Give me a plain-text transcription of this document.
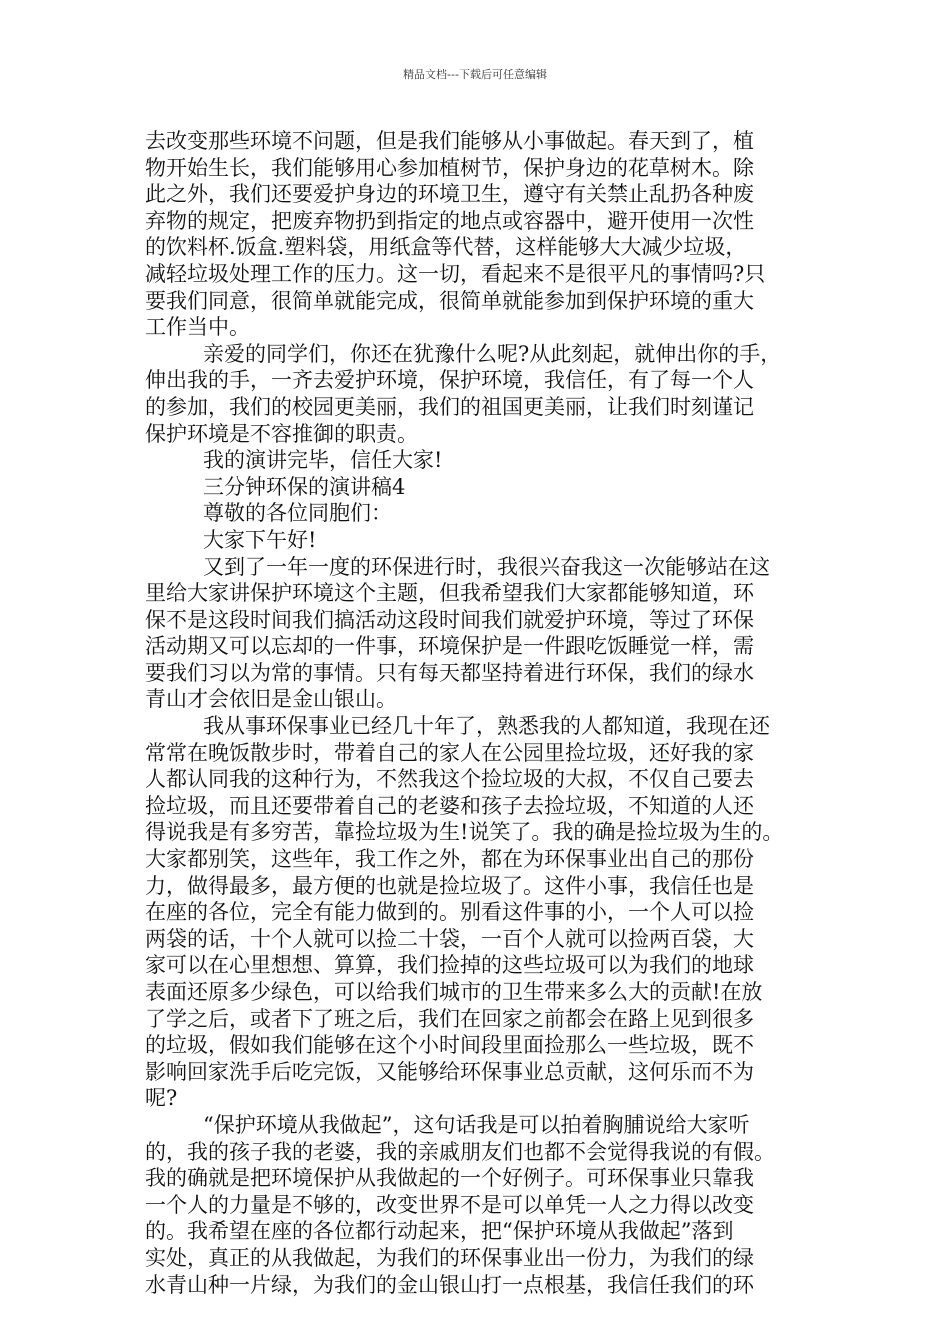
精品文档---下载后可任意编辑
去改变那些环境不问题，但是我们能够从小事做起。春天到了，植
物开始生长，我们能够用心参加植树节，保护身边的花草树木。除
此之外，我们还要爱护身边的环境卫生，遵守有关禁止乱扔各种废
弃物的规定，把废弃物扔到指定的地点或容器中，避开使用一次性
的饮料杯.饭盒.塑料袋，用纸盒等代替，这样能够大大减少垃圾，
减轻垃圾处理工作的压力。这一切，看起来不是很平凡的事情吗?只
要我们同意，很简单就能完成，很简单就能参加到保护环境的重大
工作当中。
亲爱的同学们，你还在犹豫什么呢?从此刻起，就伸出你的手，
伸出我的手，一齐去爱护环境，保护环境，我信任，有了每一个人
的参加，我们的校园更美丽，我们的祖国更美丽，让我们时刻谨记
保护环境是不容推御的职责。
我的演讲完毕，信任大家!
三分钟环保的演讲稿4
尊敬的各位同胞们：
大家下午好!
又到了一年一度的环保进行时，我很兴奋我这一次能够站在这
里给大家讲保护环境这个主题，但我希望我们大家都能够知道，环
保不是这段时间我们搞活动这段时间我们就爱护环境，等过了环保
活动期又可以忘却的一件事，环境保护是一件跟吃饭睡觉一样，需
要我们习以为常的事情。只有每天都坚持着进行环保，我们的绿水
青山才会依旧是金山银山。
我从事环保事业已经几十年了，熟悉我的人都知道，我现在还
常常在晚饭散步时，带着自己的家人在公园里捡垃圾，还好我的家
人都认同我的这种行为，不然我这个捡垃圾的大叔，不仅自己要去
捡垃圾，而且还要带着自己的老婆和孩子去捡垃圾，不知道的人还
得说我是有多穷苦，靠捡垃圾为生!说笑了。我的确是捡垃圾为生的。
大家都别笑，这些年，我工作之外，都在为环保事业出自己的那份
力，做得最多，最方便的也就是捡垃圾了。这件小事，我信任也是
在座的各位，完全有能力做到的。别看这件事的小，一个人可以捡
两袋的话，十个人就可以捡二十袋，一百个人就可以捡两百袋，大
家可以在心里想想、算算，我们捡掉的这些垃圾可以为我们的地球
表面还原多少绿色，可以给我们城市的卫生带来多么大的贡献!在放
了学之后，或者下了班之后，我们在回家之前都会在路上见到很多
的垃圾，假如我们能够在这个小时间段里面捡那么一些垃圾，既不
影响回家洗手后吃完饭，又能够给环保事业总贡献，这何乐而不为
呢?
“保护环境从我做起”，这句话我是可以拍着胸脯说给大家听
的，我的孩子我的老婆，我的亲戚朋友们也都不会觉得我说的有假。
我的确就是把环境保护从我做起的一个好例子。可环保事业只靠我
一个人的力量是不够的，改变世界不是可以单凭一人之力得以改变
的。我希望在座的各位都行动起来，把“保护环境从我做起”落到
实处，真正的从我做起，为我们的环保事业出一份力，为我们的绿
水青山种一片绿，为我们的金山银山打一点根基，我信任我们的环
